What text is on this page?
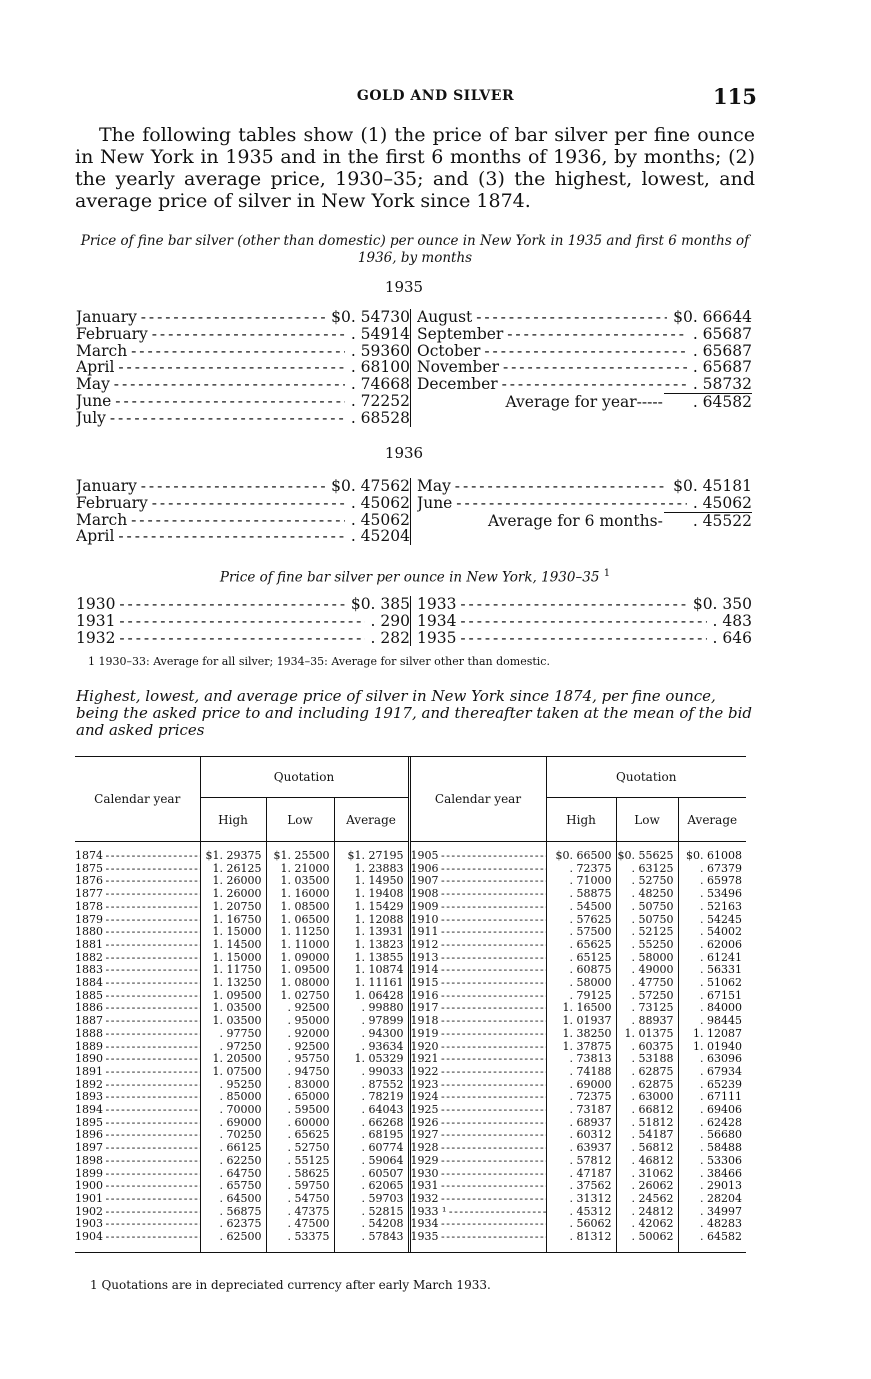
GOLD AND SILVER	115

The following tables show (1) the price of bar silver per fine ounce in New York in 1935 and in the first 6 months of 1936, by months; (2) the yearly average price, 1930–35; and (3) the highest, lowest, and average price of silver in New York since 1874.

Price of fine bar silver (other than domestic) per ounce in New York in 1935 and first 6 months of 1936, by months
1935
January - - -	$0. 54730
February - - -	. 54914
March - - -	. 59360
April - - -	. 68100
May - - -	. 74668
June - - -	. 72252
July - - -	. 68528
August - - -	$0. 66644
September - - -	. 65687
October - - -	. 65687
November - - -	. 65687
December - - -	. 58732
Average for year----- . 64582
1936
January - - -	$0. 47562
February - - -	. 45062
March - - -	. 45062
April - - -	. 45204
May - - -	$0. 45181
June - - -	. 45062
Average for 6 months- . 45522
Price of fine bar silver per ounce in New York, 1930–35 $^1$
1930 - - -	$0. 385
1931 - - -	. 290
1932 - - -	. 282
1933 - - -	$0. 350
1934 - - -	. 483
1935 - - -	. 646
1 1930–33: Average for all silver; 1934–35: Average for silver other than domestic.
Highest, lowest, and average price of silver in New York since 1874, per fine ounce, being the asked price to and including 1917, and thereafter taken at the mean of the bid and asked prices
Calendar year	Quotation			Calendar year	Quotation		
	High	Low	Average		High	Low	Average

1874 - - -	$1. 29375	$1. 25500	$1. 27195	1905 - - -	$0. 66500	$0. 55625	$0. 61008
1875 - - -	1. 26125	1. 21000	1. 23883	1906 - - -	. 72375	. 63125	. 67379
1876 - - -	1. 26000	1. 03500	1. 14950	1907 - - -	. 71000	. 52750	. 65978
1877 - - -	1. 26000	1. 16000	1. 19408	1908 - - -	. 58875	. 48250	. 53496
1878 - - -	1. 20750	1. 08500	1. 15429	1909 - - -	. 54500	. 50750	. 52163
1879 - - -	1. 16750	1. 06500	1. 12088	1910 - - -	. 57625	. 50750	. 54245
1880 - - -	1. 15000	1. 11250	1. 13931	1911 - - -	. 57500	. 52125	. 54002
1881 - - -	1. 14500	1. 11000	1. 13823	1912 - - -	. 65625	. 55250	. 62006
1882 - - -	1. 15000	1. 09000	1. 13855	1913 - - -	. 65125	. 58000	. 61241
1883 - - -	1. 11750	1. 09500	1. 10874	1914 - - -	. 60875	. 49000	. 56331
1884 - - -	1. 13250	1. 08000	1. 11161	1915 - - -	. 58000	. 47750	. 51062
1885 - - -	1. 09500	1. 02750	1. 06428	1916 - - -	. 79125	. 57250	. 67151
1886 - - -	1. 03500	. 92500	. 99880	1917 - - -	1. 16500	. 73125	. 84000
1887 - - -	1. 03500	. 95000	. 97899	1918 - - -	1. 01937	. 88937	. 98445
1888 - - -	. 97750	. 92000	. 94300	1919 - - -	1. 38250	1. 01375	1. 12087
1889 - - -	. 97250	. 92500	. 93634	1920 - - -	1. 37875	. 60375	1. 01940
1890 - - -	1. 20500	. 95750	1. 05329	1921 - - -	. 73813	. 53188	. 63096
1891 - - -	1. 07500	. 94750	. 99033	1922 - - -	. 74188	. 62875	. 67934
1892 - - -	. 95250	. 83000	. 87552	1923 - - -	. 69000	. 62875	. 65239
1893 - - -	. 85000	. 65000	. 78219	1924 - - -	. 72375	. 63000	. 67111
1894 - - -	. 70000	. 59500	. 64043	1925 - - -	. 73187	. 66812	. 69406
1895 - - -	. 69000	. 60000	. 66268	1926 - - -	. 68937	. 51812	. 62428
1896 - - -	. 70250	. 65625	. 68195	1927 - - -	. 60312	. 54187	. 56680
1897 - - -	. 66125	. 52750	. 60774	1928 - - -	. 63937	. 56812	. 58488
1898 - - -	. 62250	. 55125	. 59064	1929 - - -	. 57812	. 46812	. 53306
1899 - - -	. 64750	. 58625	. 60507	1930 - - -	. 47187	. 31062	. 38466
1900 - - -	. 65750	. 59750	. 62065	1931 - - -	. 37562	. 26062	. 29013
1901 - - -	. 64500	. 54750	. 59703	1932 - - -	. 31312	. 24562	. 28204
1902 - - -	. 56875	. 47375	. 52815	1933 ¹ - - -	. 45312	. 24812	. 34997
1903 - - -	. 62375	. 47500	. 54208	1934 - - -	. 56062	. 42062	. 48283
1904 - - -	. 62500	. 53375	. 57843	1935 - - -	. 81312	. 50062	. 64582

1 Quotations are in depreciated currency after early March 1933.
